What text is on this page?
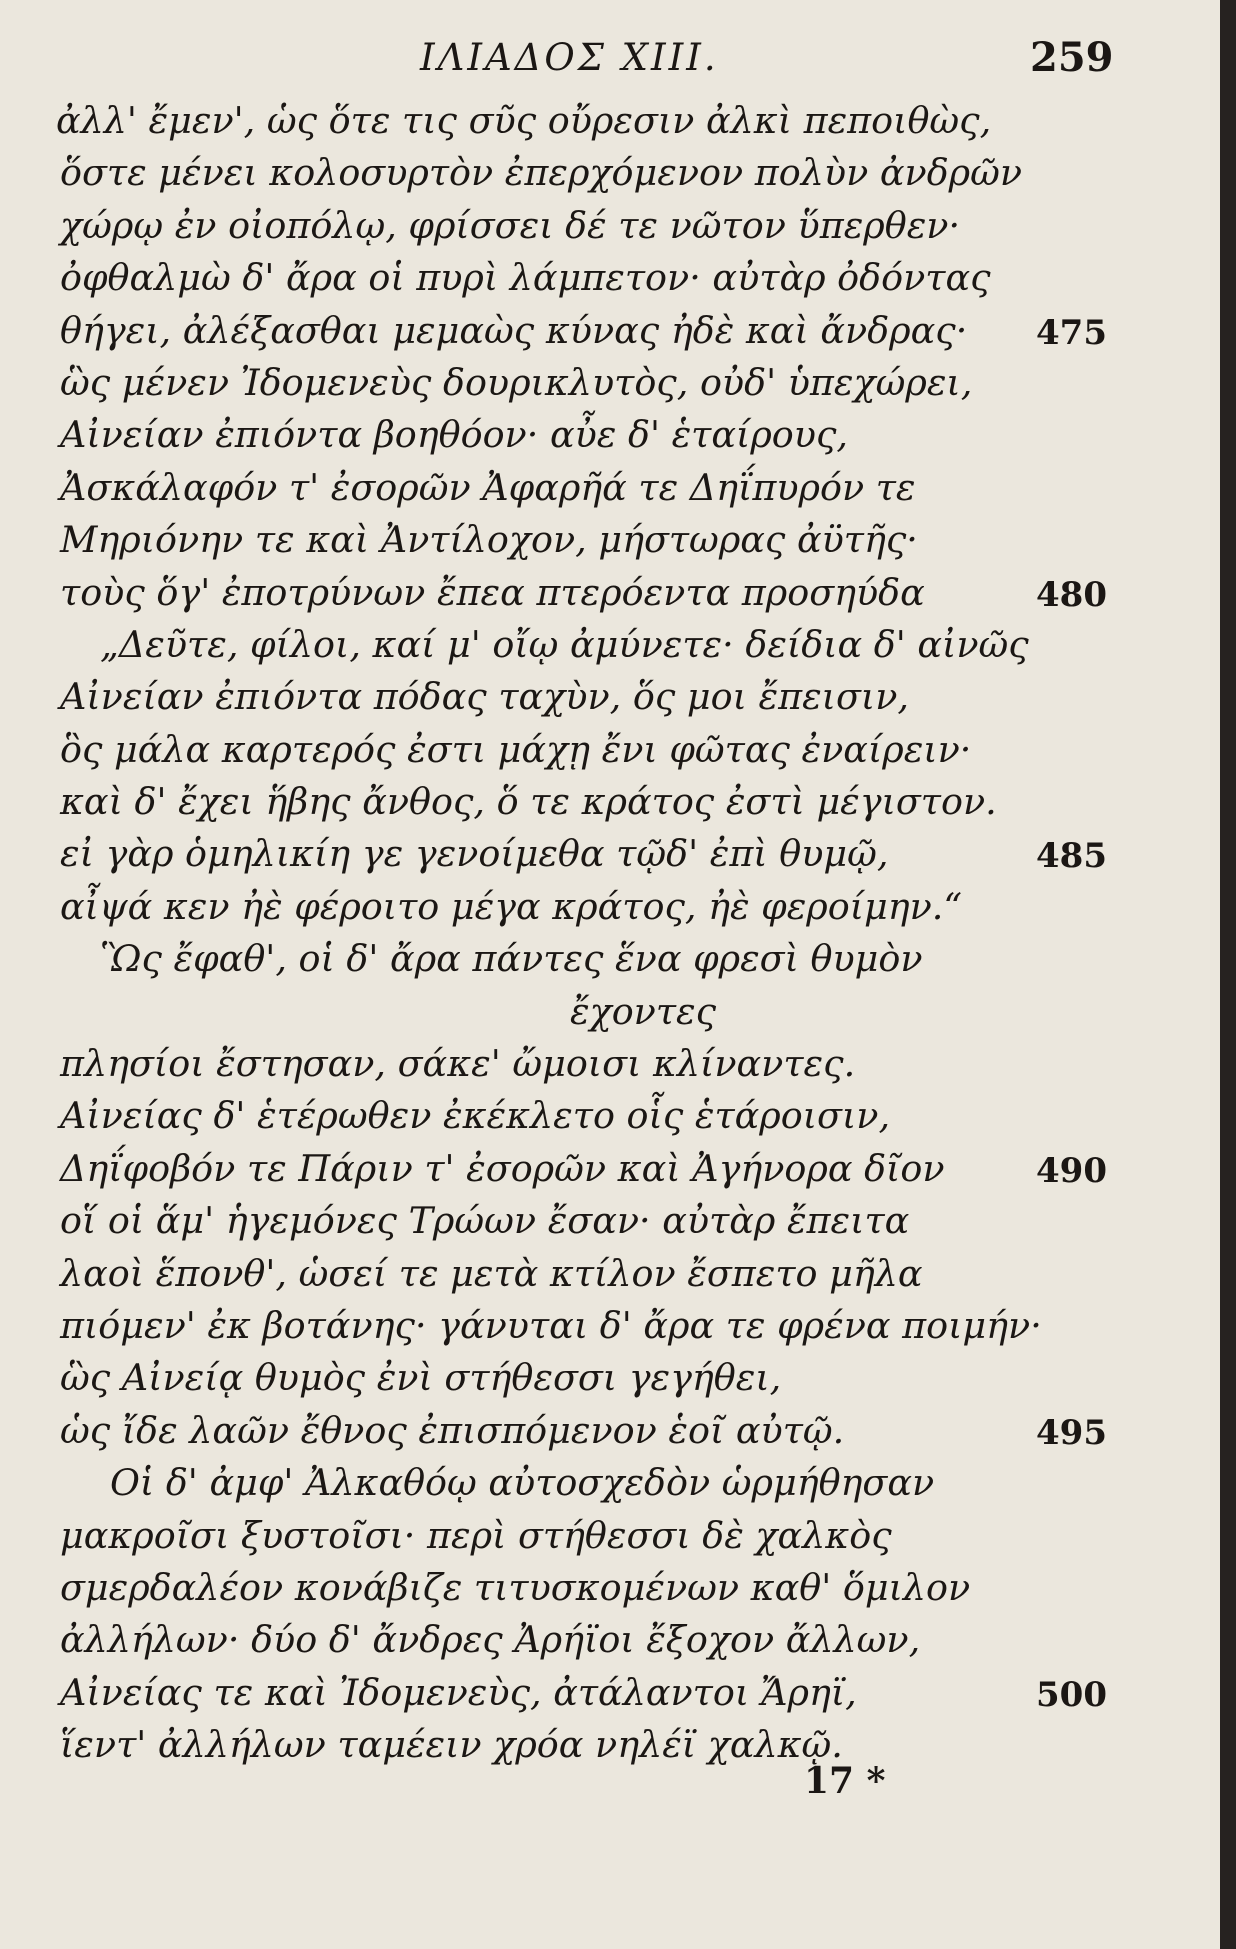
ΙΛΙΑΔΟΣ ΧΙΙΙ.	259
ἀλλ' ἔμεν', ὡς ὅτε τις σῦς οὔρεσιν ἀλκὶ πεποιθὼς,
ὅστε μένει κολοσυρτὸν ἐπερχόμενον πολὺν ἀνδρῶν
χώρῳ ἐν οἰοπόλῳ, φρίσσει δέ τε νῶτον ὕπερθεν·
ὀφθαλμὼ δ' ἄρα οἱ πυρὶ λάμπετον· αὐτὰρ ὀδόντας
θήγει, ἀλέξασθαι μεμαὼς κύνας ἠδὲ καὶ ἄνδρας· 475
ὣς μένεν Ἰδομενεὺς δουρικλυτὸς, οὐδ' ὑπεχώρει,
Αἰνείαν ἐπιόντα βοηθόον· αὖε δ' ἑταίρους,
Ἀσκάλαφόν τ' ἐσορῶν Ἀφαρῆά τε Δηΐπυρόν τε
Μηριόνην τε καὶ Ἀντίλοχον, μήστωρας ἀϋτῆς·
τοὺς ὅγ' ἐποτρύνων ἔπεα πτερόεντα προσηύδα	480
„Δεῦτε, φίλοι, καί μ' οἴῳ ἀμύνετε· δείδια δ' αἰνῶς
Αἰνείαν ἐπιόντα πόδας ταχὺν, ὅς μοι ἔπεισιν,
ὃς μάλα καρτερός ἐστι μάχῃ ἔνι φῶτας ἐναίρειν·
καὶ δ' ἔχει ἥβης ἄνθος, ὅ τε κράτος ἐστὶ μέγιστον.
εἰ γὰρ ὁμηλικίη γε γενοίμεθα τῷδ' ἐπὶ θυμῷ,	485
αἶψά κεν ἠὲ φέροιτο μέγα κράτος, ἠὲ φεροίμην.“
Ὣς ἔφαθ', οἱ δ' ἄρα πάντες ἕνα φρεσὶ θυμὸν
ἔχοντες
πλησίοι ἔστησαν, σάκε' ὤμοισι κλίναντες.
Αἰνείας δ' ἑτέρωθεν ἐκέκλετο οἷς ἑτάροισιν,
Δηΐφοβόν τε Πάριν τ' ἐσορῶν καὶ Ἀγήνορα δῖον	490
οἵ οἱ ἅμ' ἡγεμόνες Τρώων ἔσαν· αὐτὰρ ἔπειτα
λαοὶ ἕπονθ', ὡσεί τε μετὰ κτίλον ἔσπετο μῆλα
πιόμεν' ἐκ βοτάνης· γάνυται δ' ἄρα τε φρένα ποιμήν·
ὣς Αἰνείᾳ θυμὸς ἐνὶ στήθεσσι γεγήθει,
ὡς ἴδε λαῶν ἔθνος ἐπισπόμενον ἑοῖ αὐτῷ.	495
Οἱ δ' ἀμφ' Ἀλκαθόῳ αὐτοσχεδὸν ὡρμήθησαν
μακροῖσι ξυστοῖσι· περὶ στήθεσσι δὲ χαλκὸς
σμερδαλέον κονάβιζε τιτυσκομένων καθ' ὅμιλον
ἀλλήλων· δύο δ' ἄνδρες Ἀρήϊοι ἔξοχον ἄλλων,
Αἰνείας τε καὶ Ἰδομενεὺς, ἀτάλαντοι Ἄρηϊ,	500
ἵεντ' ἀλλήλων ταμέειν χρόα νηλέϊ χαλκῷ.
17 *
